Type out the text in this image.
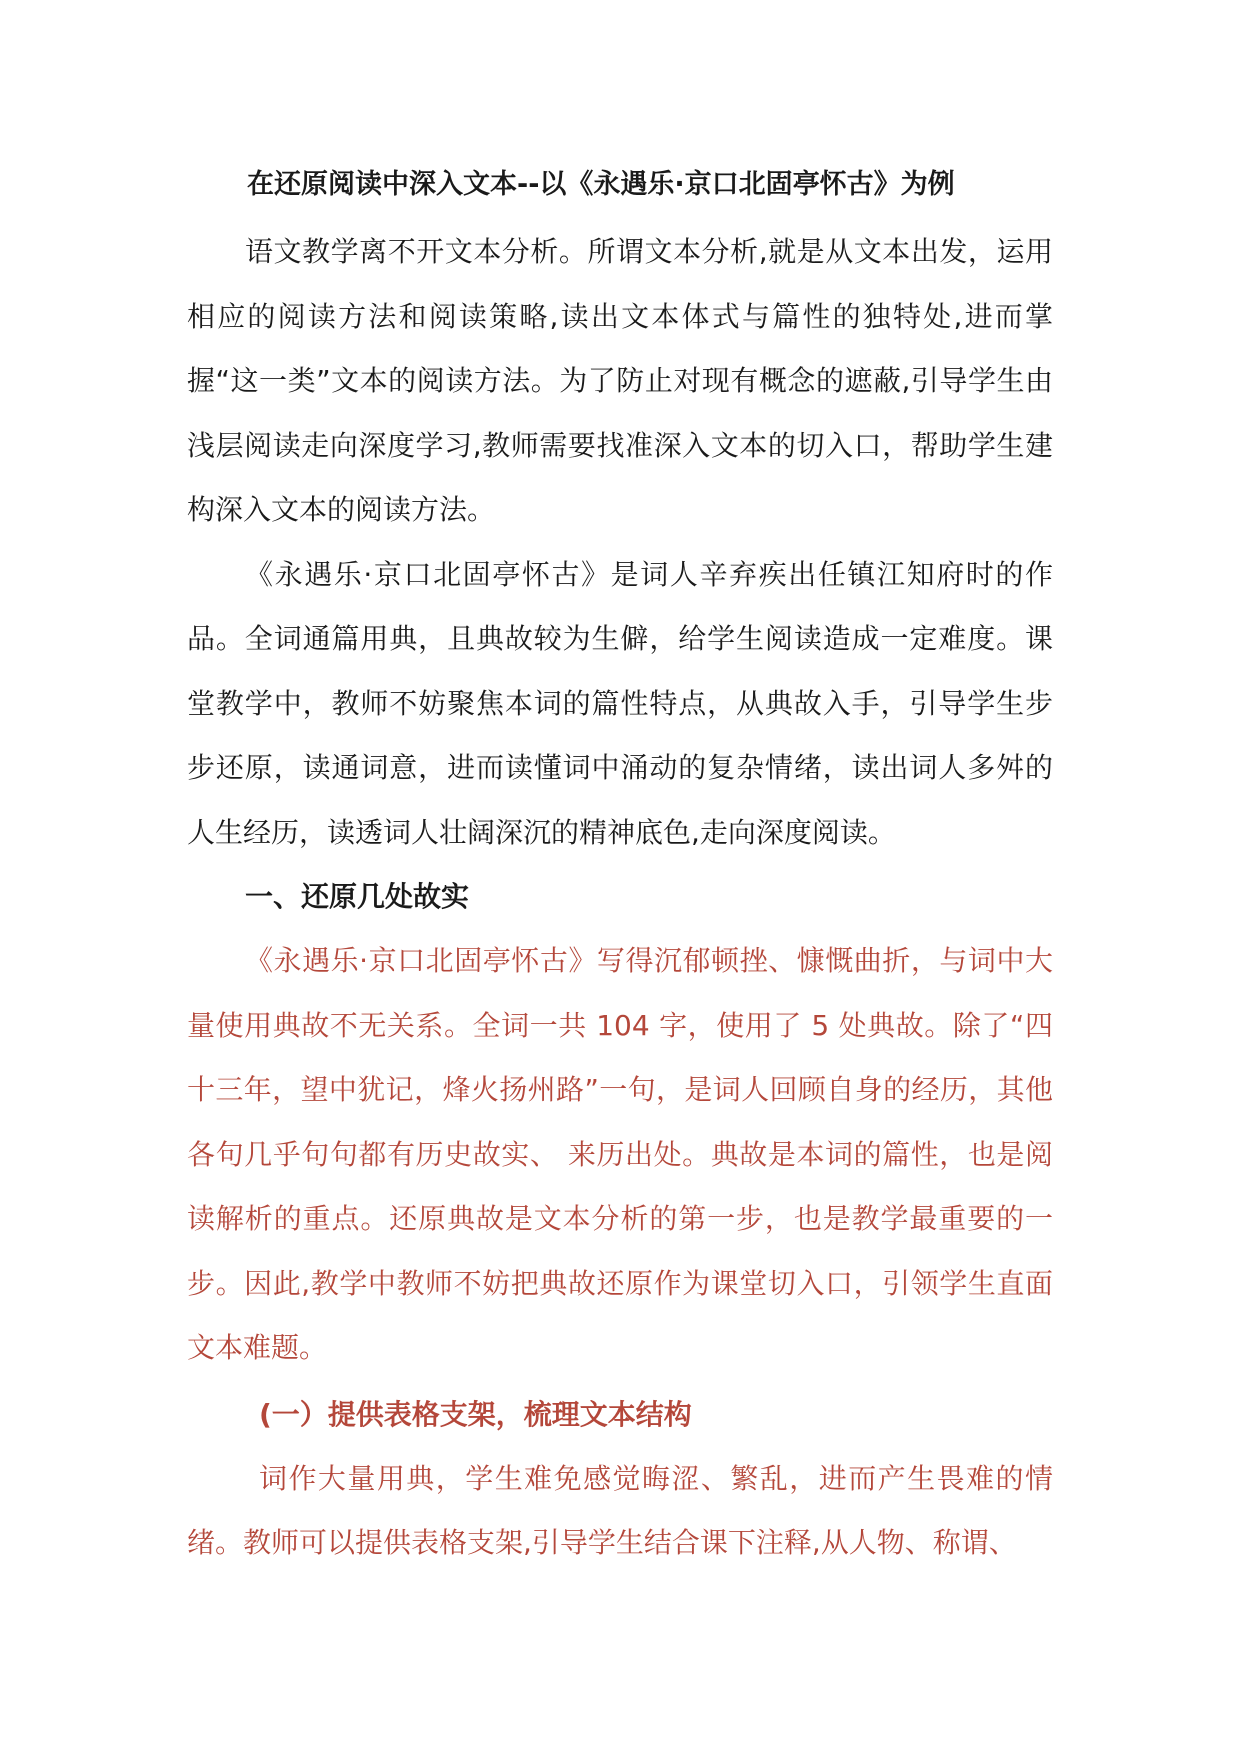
在还原阅读中深入文本--以《永遇乐·京口北固亭怀古》为例

语文教学离不开文本分析。所谓文本分析,就是从文本出发，运用相应的阅读方法和阅读策略,读出文本体式与篇性的独特处,进而掌握“这一类”文本的阅读方法。为了防止对现有概念的遮蔽,引导学生由浅层阅读走向深度学习,教师需要找准深入文本的切入口，帮助学生建构深入文本的阅读方法。

《永遇乐·京口北固亭怀古》是词人辛弃疾出任镇江知府时的作品。全词通篇用典，且典故较为生僻，给学生阅读造成一定难度。课堂教学中，教师不妨聚焦本词的篇性特点，从典故入手，引导学生步步还原，读通词意，进而读懂词中涌动的复杂情绪，读出词人多舛的人生经历，读透词人壮阔深沉的精神底色,走向深度阅读。

一、还原几处故实

《永遇乐·京口北固亭怀古》写得沉郁顿挫、慷慨曲折，与词中大量使用典故不无关系。全词一共 104 字，使用了 5 处典故。除了“四十三年，望中犹记，烽火扬州路”一句，是词人回顾自身的经历，其他各句几乎句句都有历史故实、 来历出处。典故是本词的篇性，也是阅读解析的重点。还原典故是文本分析的第一步，也是教学最重要的一步。因此,教学中教师不妨把典故还原作为课堂切入口，引领学生直面文本难题。

(一）提供表格支架，梳理文本结构

词作大量用典，学生难免感觉晦涩、繁乱，进而产生畏难的情绪。教师可以提供表格支架,引导学生结合课下注释,从人物、称谓、
